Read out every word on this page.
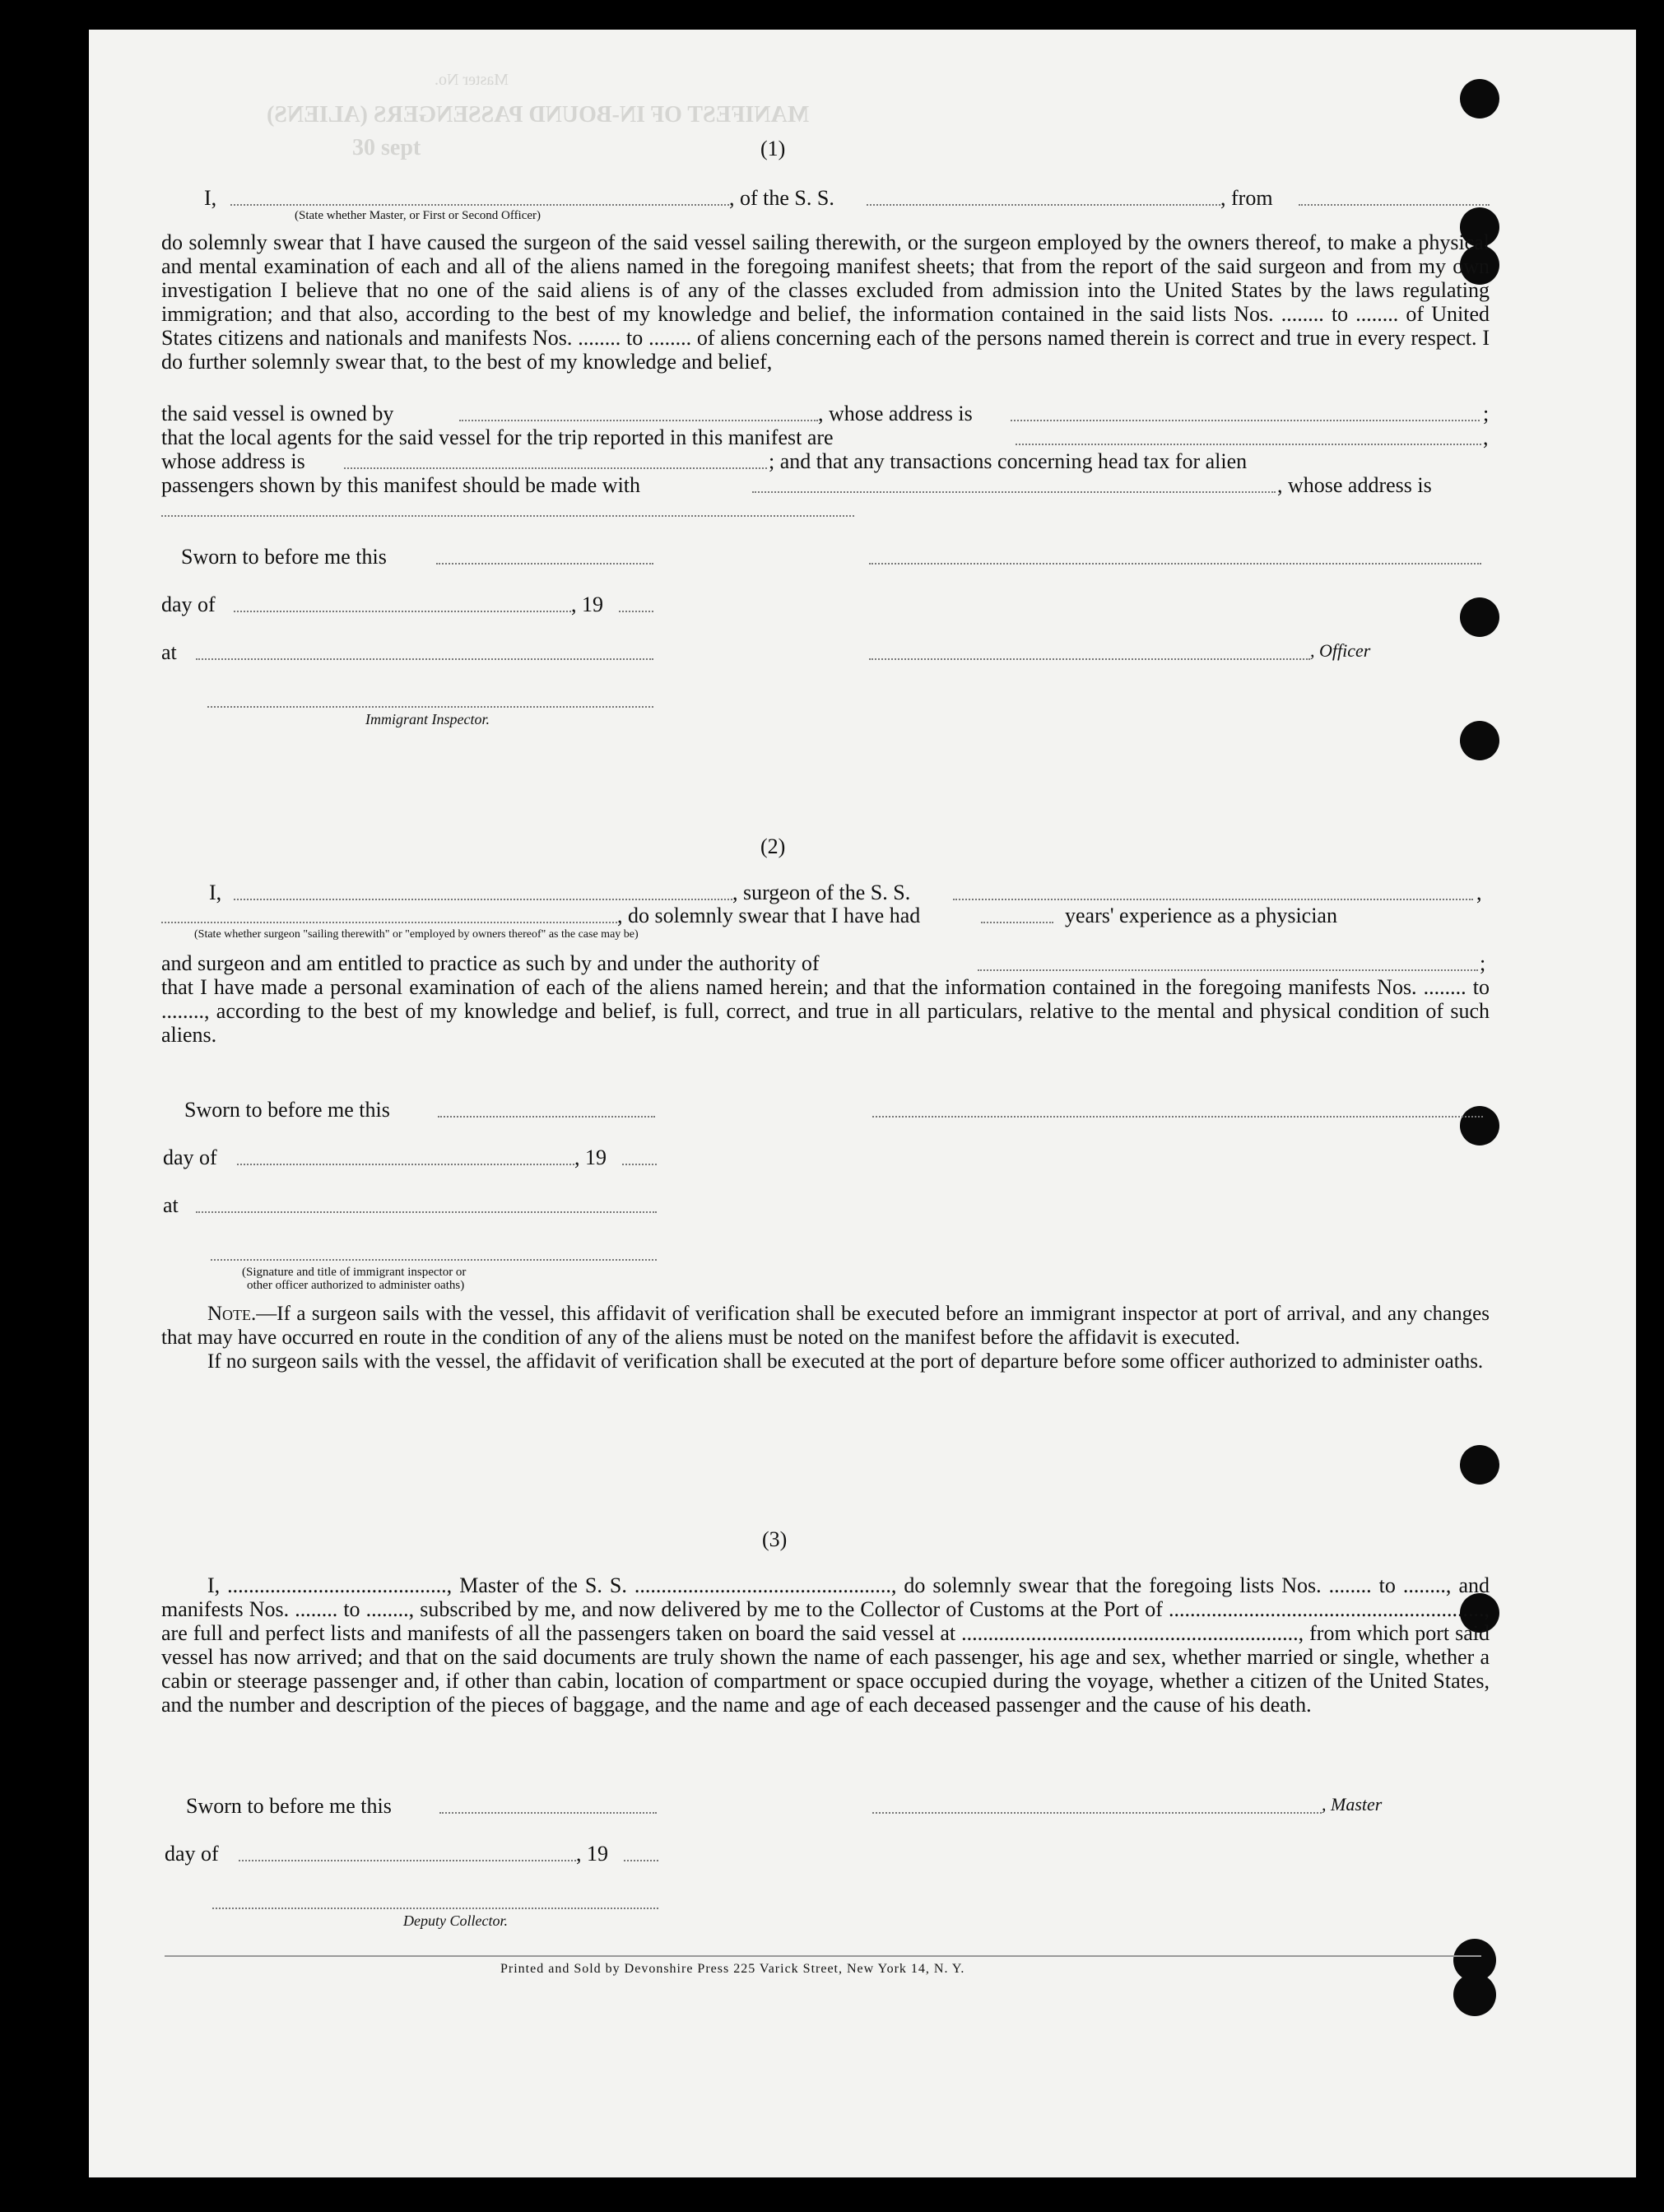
MANIFEST OF IN-BOUND PASSENGERS (ALIENS)
30 sept
Master No.
(1)
I,	, of the S. S.	, from
(State whether Master, or First or Second Officer)

do solemnly swear that I have caused the surgeon of the said vessel sailing therewith, or the surgeon employed by the owners thereof, to make a physical and mental examination of each and all of the aliens named in the foregoing manifest sheets; that from the report of the said surgeon and from my own investigation I believe that no one of the said aliens is of any of the classes excluded from admission into the United States by the laws regulating immigration; and that also, according to the best of my knowledge and belief, the information contained in the said lists Nos. ........ to ........ of United States citizens and nationals and manifests Nos. ........ to ........ of aliens concerning each of the persons named therein is correct and true in every respect. I do further solemnly swear that, to the best of my knowledge and belief,

the said vessel is owned by	, whose address is	;
that the local agents for the said vessel for the trip reported in this manifest are	,
whose address is	; and that any transactions concerning head tax for alien
passengers shown by this manifest should be made with	, whose address is
Sworn to before me this
day of	, 19
at	, Officer
Immigrant Inspector.
(2)
I,	, surgeon of the S. S.	,
, do solemnly swear that I have had	years' experience as a physician
(State whether surgeon "sailing therewith" or "employed by owners thereof" as the case may be)
and surgeon and am entitled to practice as such by and under the authority of	;

that I have made a personal examination of each of the aliens named herein; and that the information contained in the foregoing manifests Nos. ........ to ........, according to the best of my knowledge and belief, is full, correct, and true in all particulars, relative to the mental and physical condition of such aliens.

Sworn to before me this
day of	, 19
at
(Signature and title of immigrant inspector or
other officer authorized to administer oaths)

Note.—If a surgeon sails with the vessel, this affidavit of verification shall be executed before an immigrant inspector at port of arrival, and any changes that may have occurred en route in the condition of any of the aliens must be noted on the manifest before the affidavit is executed.

If no surgeon sails with the vessel, the affidavit of verification shall be executed at the port of departure before some officer authorized to administer oaths.

(3)

I, ........................................., Master of the S. S. ................................................, do solemnly swear that the foregoing lists Nos. ........ to ........, and manifests Nos. ........ to ........, subscribed by me, and now delivered by me to the Collector of Customs at the Port of ..........................................................., are full and perfect lists and manifests of all the passengers taken on board the said vessel at ..............................................................., from which port said vessel has now arrived; and that on the said documents are truly shown the name of each passenger, his age and sex, whether married or single, whether a cabin or steerage passenger and, if other than cabin, location of compartment or space occupied during the voyage, whether a citizen of the United States, and the number and description of the pieces of baggage, and the name and age of each deceased passenger and the cause of his death.

Sworn to before me this	, Master
day of	, 19
Deputy Collector.
Printed and Sold by Devonshire Press 225 Varick Street, New York 14, N. Y.
